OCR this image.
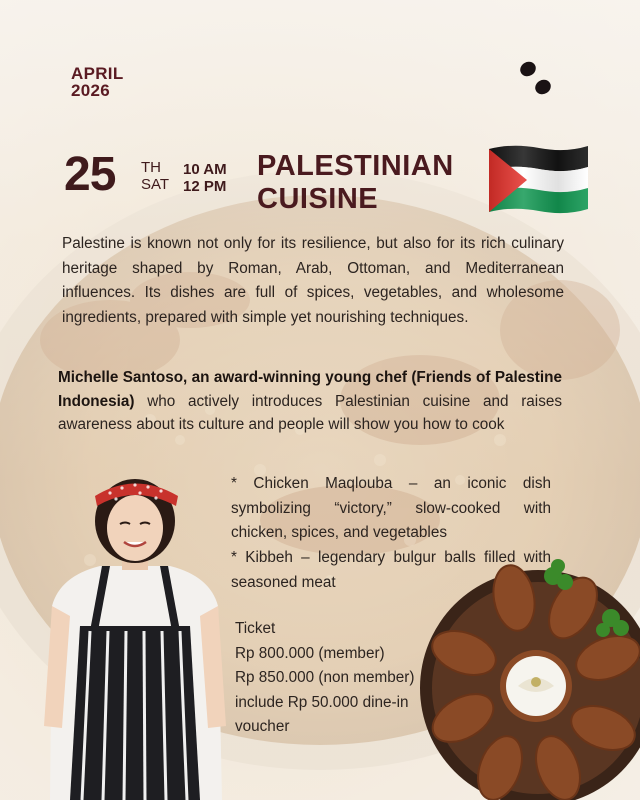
APRIL
2026
25 TH
SAT
10 AM
12 PM
PALESTINIAN
CUISINE
Palestine is known not only for its resilience, but also for its rich culinary heritage shaped by Roman, Arab, Ottoman, and Mediterranean influences. Its dishes are full of spices, vegetables, and wholesome ingredients, prepared with simple yet nourishing techniques.
Michelle Santoso, an award-winning young chef (Friends of Palestine Indonesia) who actively introduces Palestinian cuisine and raises awareness about its culture and people will show you how to cook
* Chicken Maqlouba – an iconic dish symbolizing “victory,” slow-cooked with chicken, spices, and vegetables
* Kibbeh – legendary bulgur balls filled with seasoned meat
Ticket
Rp 800.000 (member)
Rp 850.000 (non member)
include Rp 50.000 dine-in
voucher
